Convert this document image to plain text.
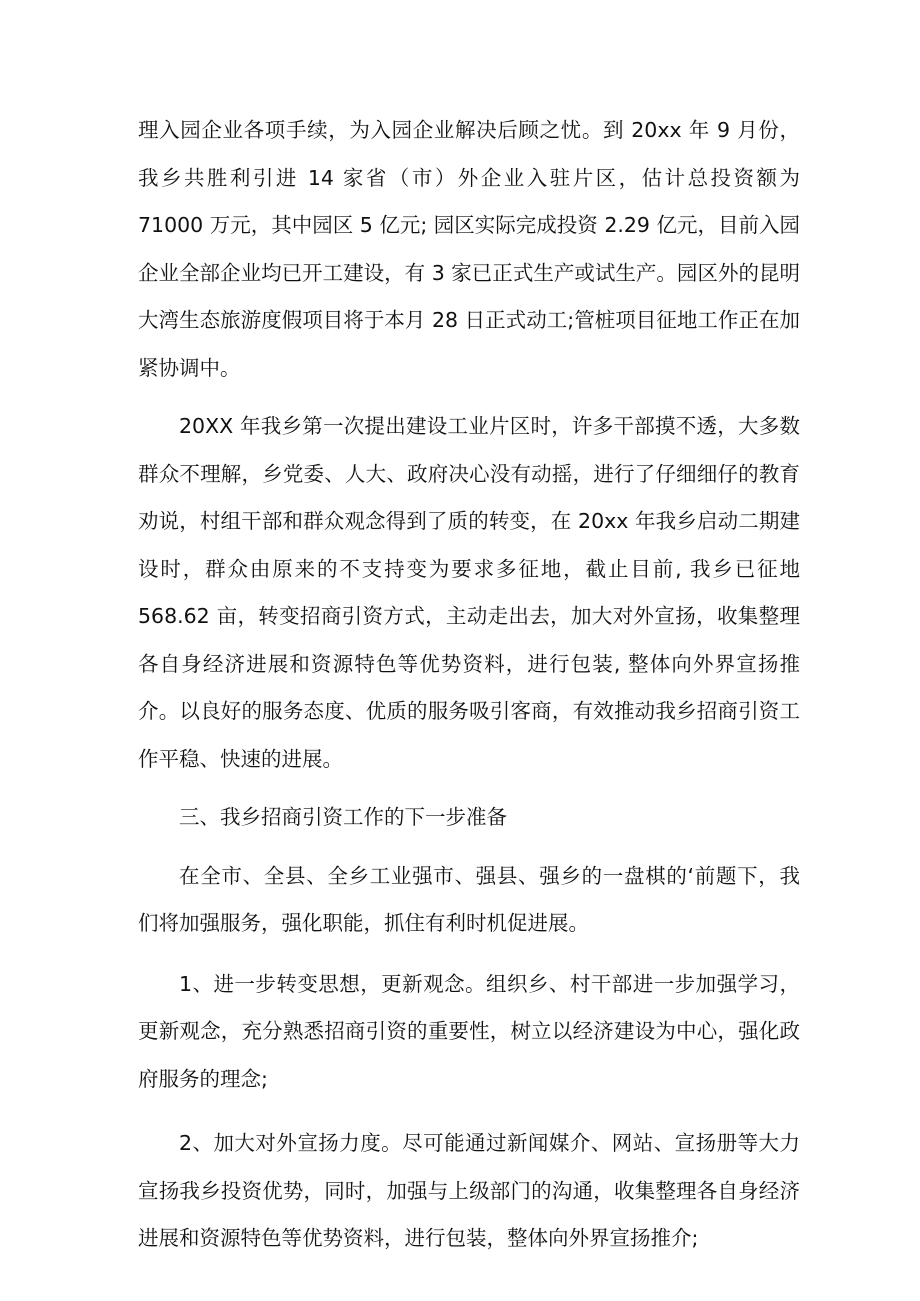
理入园企业各项手续，为入园企业解决后顾之忧。到 20xx 年 9 月份，我乡共胜利引进 14 家省（市）外企业入驻片区，估计总投资额为 71000 万元，其中园区 5 亿元; 园区实际完成投资 2.29 亿元，目前入园企业全部企业均已开工建设，有 3 家已正式生产或试生产。园区外的昆明大湾生态旅游度假项目将于本月 28 日正式动工;管桩项目征地工作正在加紧协调中。

20XX 年我乡第一次提出建设工业片区时，许多干部摸不透，大多数群众不理解，乡党委、人大、政府决心没有动摇，进行了仔细细仔的教育劝说，村组干部和群众观念得到了质的转变，在 20xx 年我乡启动二期建设时，群众由原来的不支持变为要求多征地，截止目前, 我乡已征地 568.62 亩，转变招商引资方式，主动走出去，加大对外宣扬，收集整理各自身经济进展和资源特色等优势资料，进行包装, 整体向外界宣扬推介。以良好的服务态度、优质的服务吸引客商，有效推动我乡招商引资工作平稳、快速的进展。

三、我乡招商引资工作的下一步准备

在全市、全县、全乡工业强市、强县、强乡的一盘棋的‘前题下，我们将加强服务，强化职能，抓住有利时机促进展。

1、进一步转变思想，更新观念。组织乡、村干部进一步加强学习，更新观念，充分熟悉招商引资的重要性，树立以经济建设为中心，强化政府服务的理念;

2、加大对外宣扬力度。尽可能通过新闻媒介、网站、宣扬册等大力宣扬我乡投资优势，同时，加强与上级部门的沟通，收集整理各自身经济进展和资源特色等优势资料，进行包装，整体向外界宣扬推介;
